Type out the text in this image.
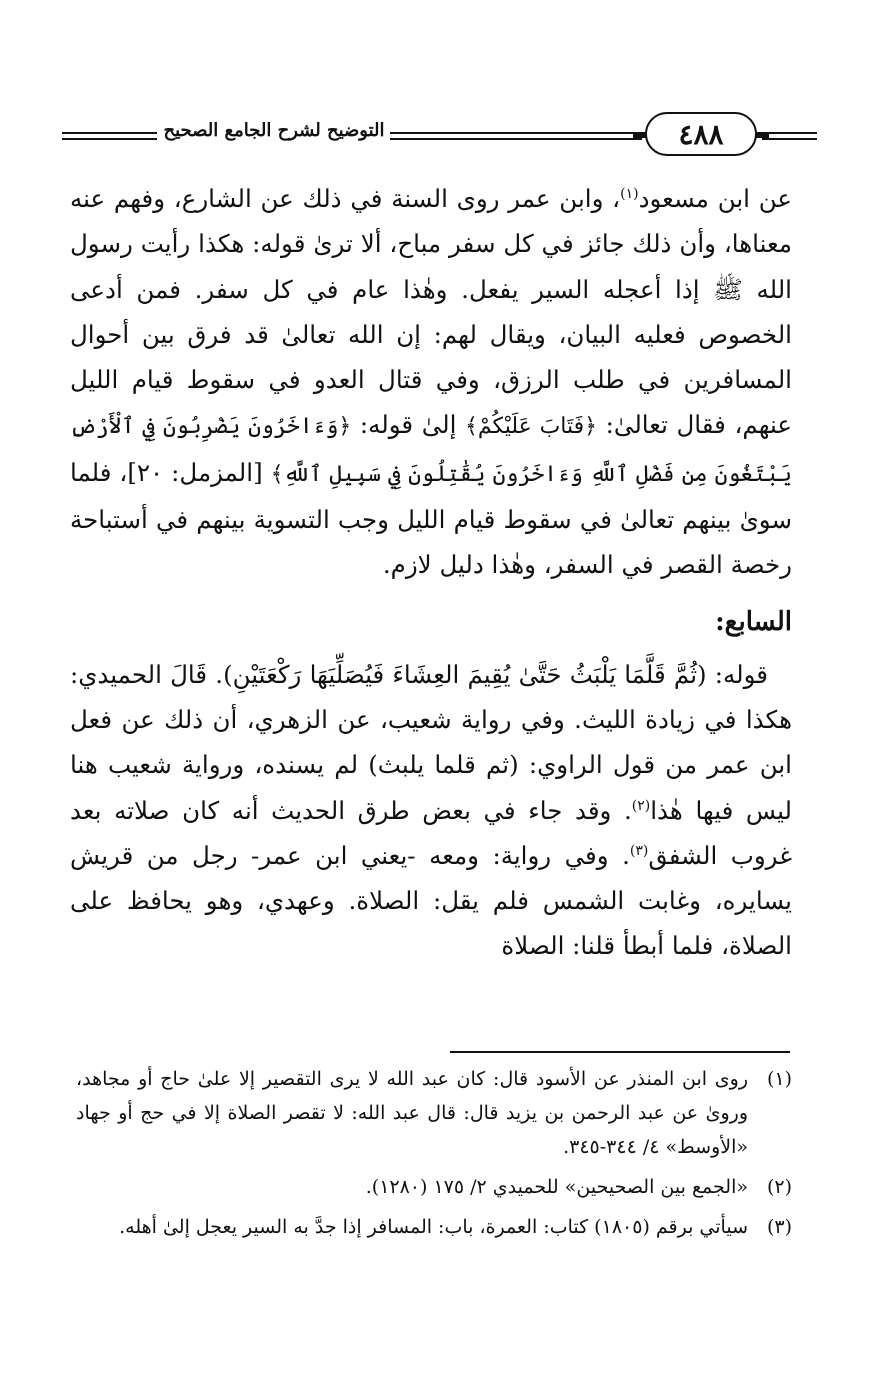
التوضيح لشرح الجامع الصحيح	٤٨٨

عن ابن مسعود$^{(١)}$، وابن عمر روى السنة في ذلك عن الشارع، وفهم عنه معناها، وأن ذلك جائز في كل سفر مباح، ألا ترىٰ قوله: هكذا رأيت رسول الله ﷺ إذا أعجله السير يفعل. وهٰذا عام في كل سفر. فمن أدعى الخصوص فعليه البيان، ويقال لهم: إن الله تعالىٰ قد فرق بين أحوال المسافرين في طلب الرزق، وفي قتال العدو في سقوط قيام الليل عنهم، فقال تعالىٰ: ﴿فَتَابَ عَلَيْكُمْ﴾ إلىٰ قوله: ﴿وَءَاخَرُونَ يَضْرِبُونَ فِي ٱلْأَرْضِ يَبْتَغُونَ مِن فَضْلِ ٱللَّهِ وَءَاخَرُونَ يُقَٰتِلُونَ فِي سَبِيلِ ٱللَّهِ﴾ [المزمل: ٢٠]، فلما سوىٰ بينهم تعالىٰ في سقوط قيام الليل وجب التسوية بينهم في أستباحة رخصة القصر في السفر، وهٰذا دليل لازم.

السابع:

قوله: (ثُمَّ قَلَّمَا يَلْبَثُ حَتَّىٰ يُقِيمَ العِشَاءَ فَيُصَلِّيَهَا رَكْعَتَيْنِ). قَالَ الحميدي: هكذا في زيادة الليث. وفي رواية شعيب، عن الزهري، أن ذلك عن فعل ابن عمر من قول الراوي: (ثم قلما يلبث) لم يسنده، ورواية شعيب هنا ليس فيها هٰذا$^{(٢)}$. وقد جاء في بعض طرق الحديث أنه كان صلاته بعد غروب الشفق$^{(٣)}$. وفي رواية: ومعه -يعني ابن عمر- رجل من قريش يسايره، وغابت الشمس فلم يقل: الصلاة. وعهدي، وهو يحافظ على الصلاة، فلما أبطأ قلنا: الصلاة

(١)
روى ابن المنذر عن الأسود قال: كان عبد الله لا يرى التقصير إلا علىٰ حاج أو مجاهد، وروىٰ عن عبد الرحمن بن يزيد قال: قال عبد الله: لا تقصر الصلاة إلا في حج أو جهاد «الأوسط» ٤/ ٣٤٤-٣٤٥.
(٢)
«الجمع بين الصحيحين» للحميدي ٢/ ١٧٥ (١٢٨٠).
(٣)
سيأتي برقم (١٨٠٥) كتاب: العمرة، باب: المسافر إذا جدَّ به السير يعجل إلىٰ أهله.
